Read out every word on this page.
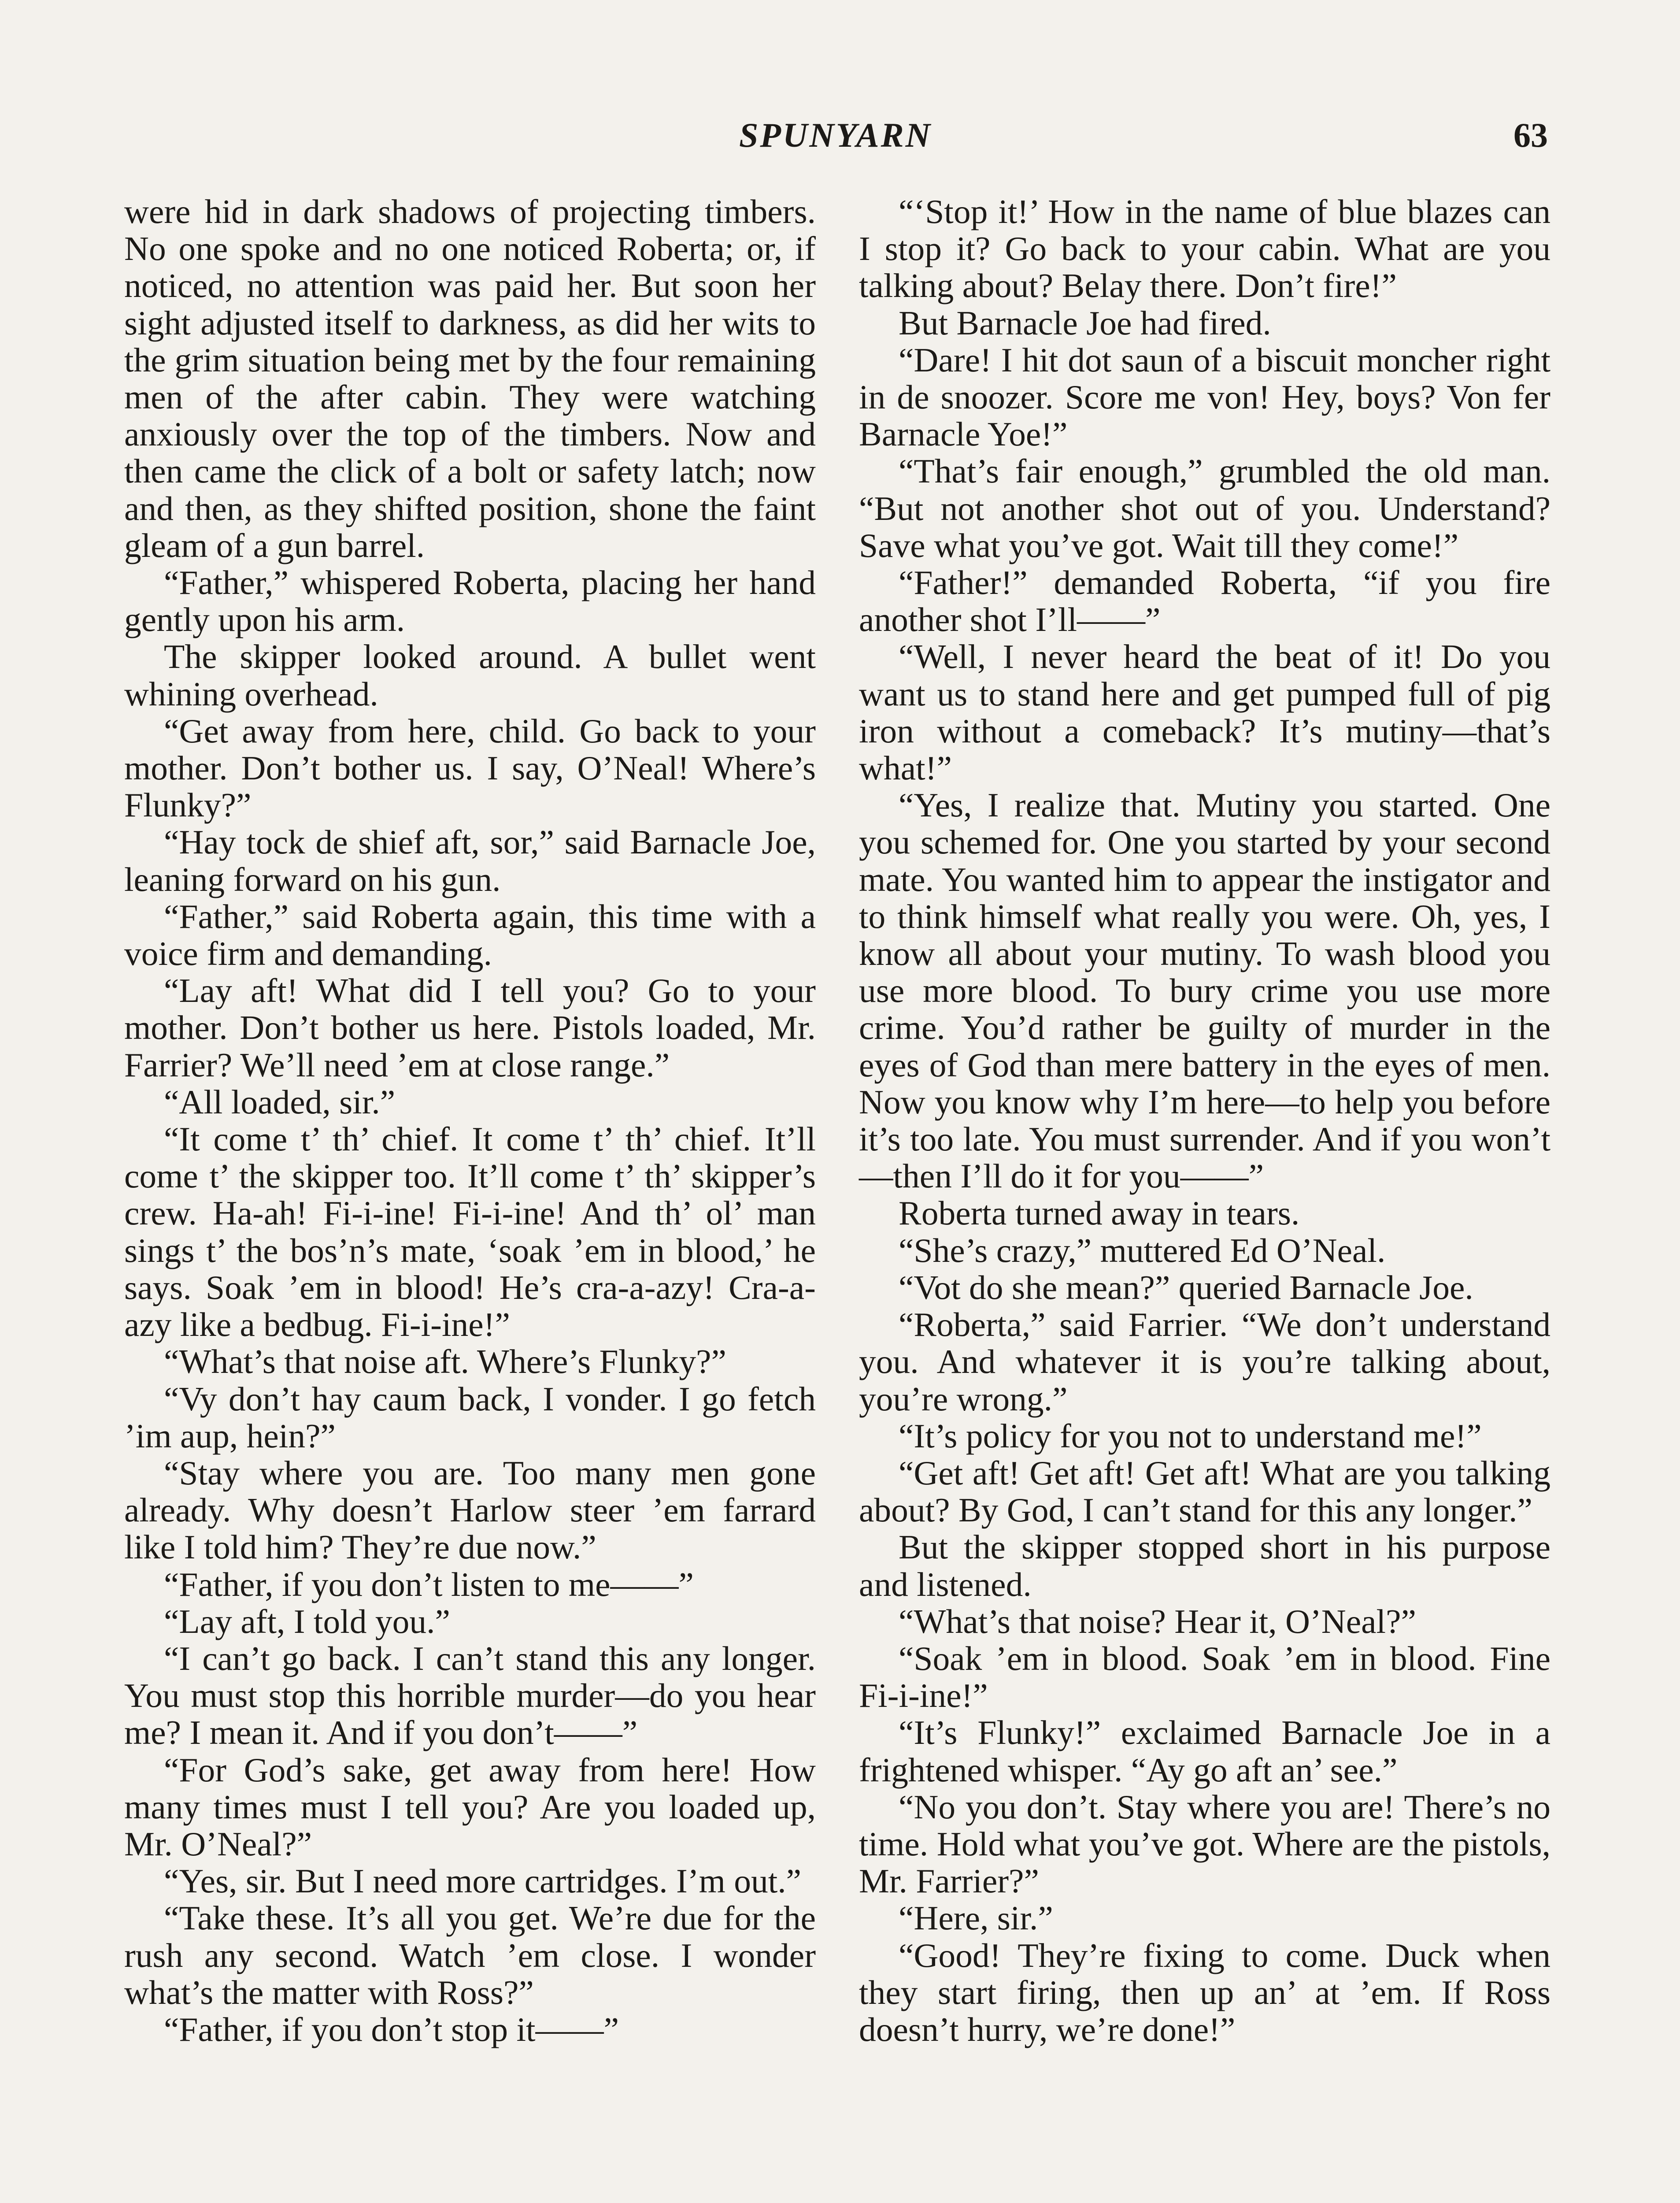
SPUNYARN	63

were hid in dark shadows of projecting timbers. No one spoke and no one noticed Roberta; or, if noticed, no attention was paid her. But soon her sight adjusted itself to darkness, as did her wits to the grim situation being met by the four remaining men of the after cabin. They were watching anxiously over the top of the timbers. Now and then came the click of a bolt or safety latch; now and then, as they shifted position, shone the faint gleam of a gun barrel.

“Father,” whispered Roberta, placing her hand gently upon his arm.

The skipper looked around. A bullet went whining overhead.

“Get away from here, child. Go back to your mother. Don’t bother us. I say, O’Neal! Where’s Flunky?”

“Hay tock de shief aft, sor,” said Barnacle Joe, leaning forward on his gun.

“Father,” said Roberta again, this time with a voice firm and demanding.

“Lay aft! What did I tell you? Go to your mother. Don’t bother us here. Pistols loaded, Mr. Farrier? We’ll need ’em at close range.”

“All loaded, sir.”

“It come t’ th’ chief. It come t’ th’ chief. It’ll come t’ the skipper too. It’ll come t’ th’ skipper’s crew. Ha-ah! Fi-i-ine! Fi-i-ine! And th’ ol’ man sings t’ the bos’n’s mate, ‘soak ’em in blood,’ he says. Soak ’em in blood! He’s cra-a-azy! Cra-a-azy like a bedbug. Fi-i-ine!”

“What’s that noise aft. Where’s Flunky?”

“Vy don’t hay caum back, I vonder. I go fetch ’im aup, hein?”

“Stay where you are. Too many men gone already. Why doesn’t Harlow steer ’em farrard like I told him? They’re due now.”

“Father, if you don’t listen to me——”

“Lay aft, I told you.”

“I can’t go back. I can’t stand this any longer. You must stop this horrible murder—do you hear me? I mean it. And if you don’t——”

“For God’s sake, get away from here! How many times must I tell you? Are you loaded up, Mr. O’Neal?”

“Yes, sir. But I need more cartridges. I’m out.”

“Take these. It’s all you get. We’re due for the rush any second. Watch ’em close. I wonder what’s the matter with Ross?”

“Father, if you don’t stop it——”

“‘Stop it!’ How in the name of blue blazes can I stop it? Go back to your cabin. What are you talking about? Belay there. Don’t fire!”

But Barnacle Joe had fired.

“Dare! I hit dot saun of a biscuit moncher right in de snoozer. Score me von! Hey, boys? Von fer Barnacle Yoe!”

“That’s fair enough,” grumbled the old man. “But not another shot out of you. Understand? Save what you’ve got. Wait till they come!”

“Father!” demanded Roberta, “if you fire another shot I’ll——”

“Well, I never heard the beat of it! Do you want us to stand here and get pumped full of pig iron without a comeback? It’s mutiny—that’s what!”

“Yes, I realize that. Mutiny you started. One you schemed for. One you started by your second mate. You wanted him to appear the instigator and to think himself what really you were. Oh, yes, I know all about your mutiny. To wash blood you use more blood. To bury crime you use more crime. You’d rather be guilty of murder in the eyes of God than mere battery in the eyes of men. Now you know why I’m here—to help you before it’s too late. You must surrender. And if you won’t—then I’ll do it for you——”

Roberta turned away in tears.

“She’s crazy,” muttered Ed O’Neal.

“Vot do she mean?” queried Barnacle Joe.

“Roberta,” said Farrier. “We don’t understand you. And whatever it is you’re talking about, you’re wrong.”

“It’s policy for you not to understand me!”

“Get aft! Get aft! Get aft! What are you talking about? By God, I can’t stand for this any longer.”

But the skipper stopped short in his purpose and listened.

“What’s that noise? Hear it, O’Neal?”

“Soak ’em in blood. Soak ’em in blood. Fine Fi-i-ine!”

“It’s Flunky!” exclaimed Barnacle Joe in a frightened whisper. “Ay go aft an’ see.”

“No you don’t. Stay where you are! There’s no time. Hold what you’ve got. Where are the pistols, Mr. Farrier?”

“Here, sir.”

“Good! They’re fixing to come. Duck when they start firing, then up an’ at ’em. If Ross doesn’t hurry, we’re done!”
